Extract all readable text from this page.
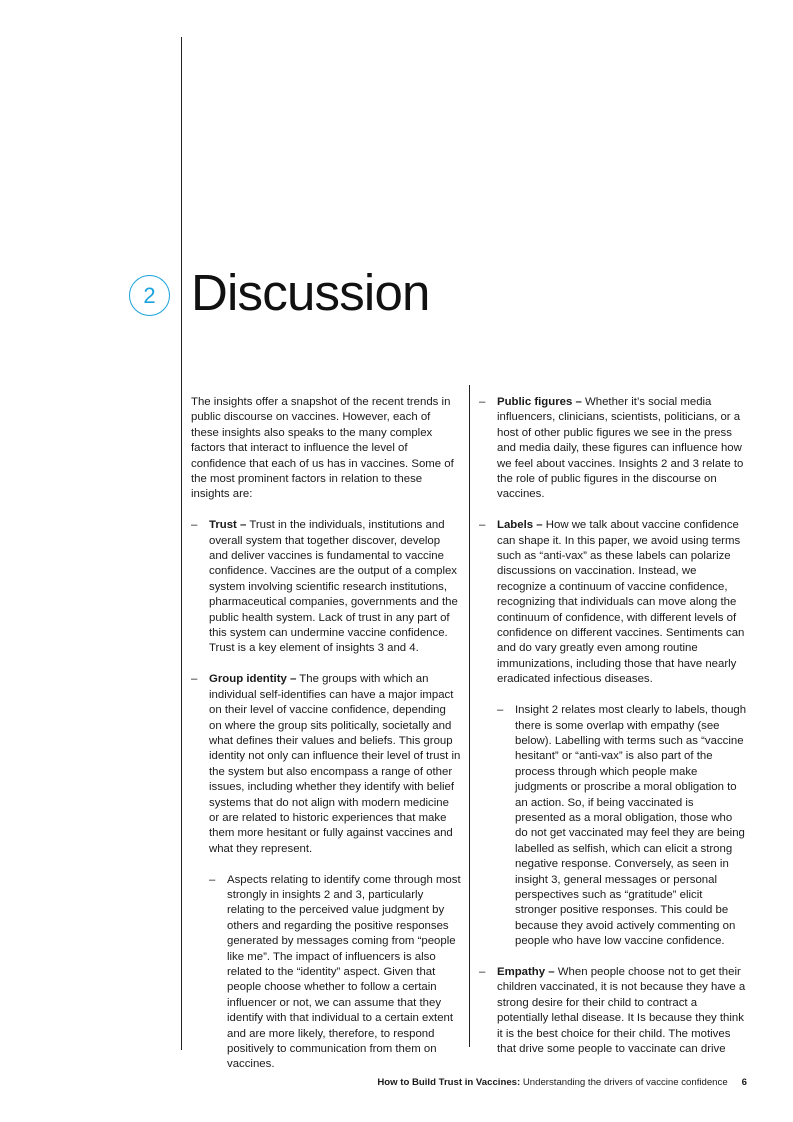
2 Discussion

The insights offer a snapshot of the recent trends in public discourse on vaccines. However, each of these insights also speaks to the many complex factors that interact to influence the level of confidence that each of us has in vaccines. Some of the most prominent factors in relation to these insights are:

– Trust – Trust in the individuals, institutions and overall system that together discover, develop and deliver vaccines is fundamental to vaccine confidence. Vaccines are the output of a complex system involving scientific research institutions, pharmaceutical companies, governments and the public health system. Lack of trust in any part of this system can undermine vaccine confidence. Trust is a key element of insights 3 and 4.
– Group identity – The groups with which an individual self-identifies can have a major impact on their level of vaccine confidence, depending on where the group sits politically, societally and what defines their values and beliefs. This group identity not only can influence their level of trust in the system but also encompass a range of other issues, including whether they identify with belief systems that do not align with modern medicine or are related to historic experiences that make them more hesitant or fully against vaccines and what they represent.
– Aspects relating to identify come through most strongly in insights 2 and 3, particularly relating to the perceived value judgment by others and regarding the positive responses generated by messages coming from “people like me”. The impact of influencers is also related to the “identity” aspect. Given that people choose whether to follow a certain influencer or not, we can assume that they identify with that individual to a certain extent and are more likely, therefore, to respond positively to communication from them on vaccines.
– Public figures – Whether it’s social media influencers, clinicians, scientists, politicians, or a host of other public figures we see in the press and media daily, these figures can influence how we feel about vaccines. Insights 2 and 3 relate to the role of public figures in the discourse on vaccines.
– Labels – How we talk about vaccine confidence can shape it. In this paper, we avoid using terms such as “anti-vax” as these labels can polarize discussions on vaccination. Instead, we recognize a continuum of vaccine confidence, recognizing that individuals can move along the continuum of confidence, with different levels of confidence on different vaccines. Sentiments can and do vary greatly even among routine immunizations, including those that have nearly eradicated infectious diseases.
– Insight 2 relates most clearly to labels, though there is some overlap with empathy (see below). Labelling with terms such as “vaccine hesitant” or “anti-vax” is also part of the process through which people make judgments or proscribe a moral obligation to an action. So, if being vaccinated is presented as a moral obligation, those who do not get vaccinated may feel they are being labelled as selfish, which can elicit a strong negative response. Conversely, as seen in insight 3, general messages or personal perspectives such as “gratitude” elicit stronger positive responses. This could be because they avoid actively commenting on people who have low vaccine confidence.
– Empathy – When people choose not to get their children vaccinated, it is not because they have a strong desire for their child to contract a potentially lethal disease. It Is because they think it is the best choice for their child. The motives that drive some people to vaccinate can drive
How to Build Trust in Vaccines: Understanding the drivers of vaccine confidence 6
